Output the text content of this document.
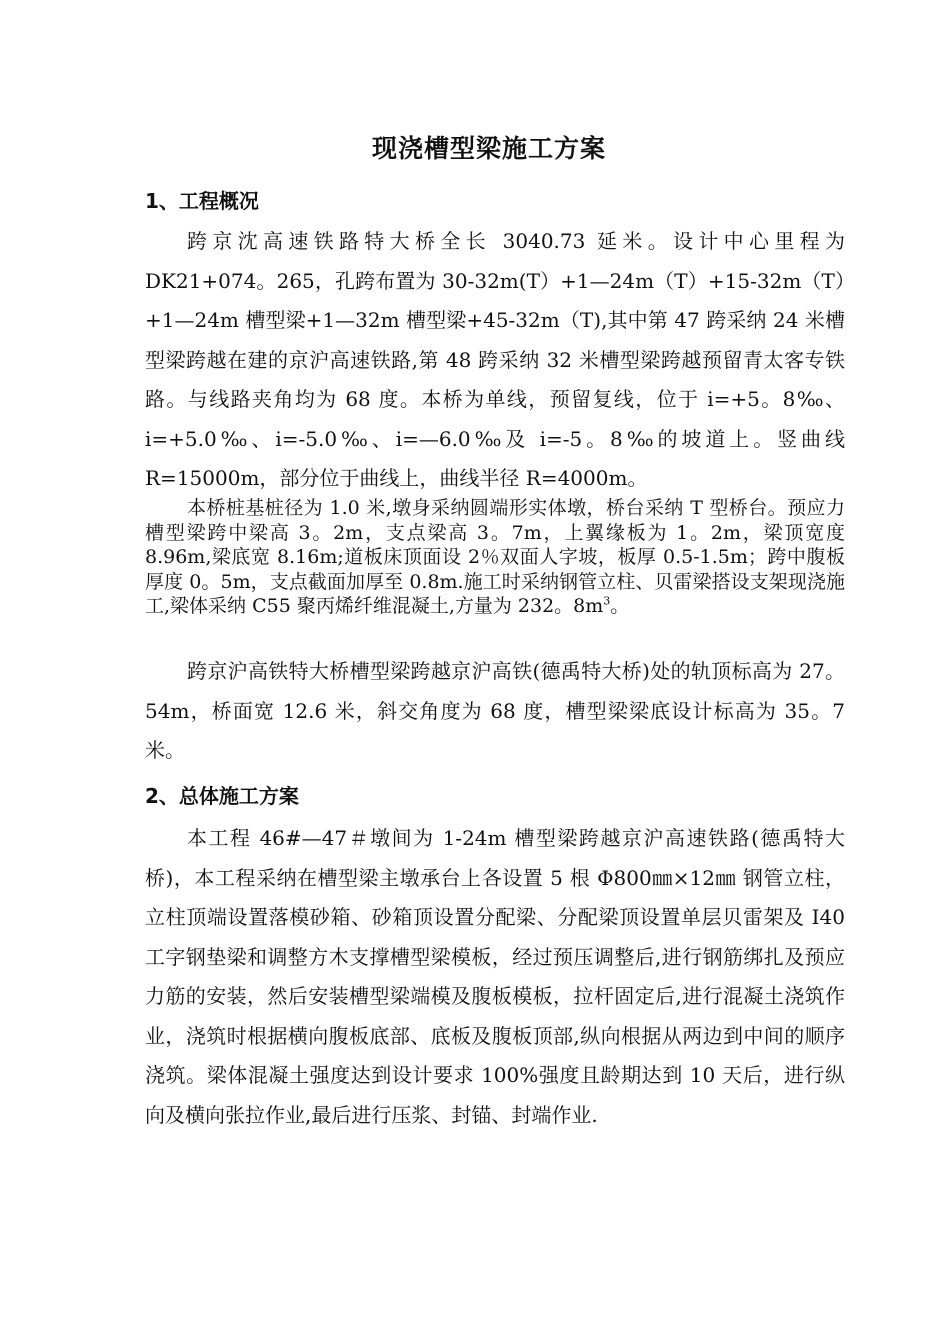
现浇槽型梁施工方案
1、工程概况

跨京沈高速铁路特大桥全长 3040.73 延米。设计中心里程为 DK21+074。265，孔跨布置为 30-32m(T）+1—24m（T）+15-32m（T）+1—24m 槽型梁+1—32m 槽型梁+45-32m（T),其中第 47 跨采纳 24 米槽型梁跨越在建的京沪高速铁路,第 48 跨采纳 32 米槽型梁跨越预留青太客专铁路。与线路夹角均为 68 度。本桥为单线，预留复线，位于 i=+5。8‰、i=+5.0‰、i=-5.0‰、i=—6.0‰及 i=-5。8‰的坡道上。竖曲线 R=15000m，部分位于曲线上，曲线半径 R=4000m。

本桥桩基桩径为 1.0 米,墩身采纳圆端形实体墩，桥台采纳 T 型桥台。预应力槽型梁跨中梁高 3。2m，支点梁高 3。7m，上翼缘板为 1。2m，梁顶宽度 8.96m,梁底宽 8.16m;道板床顶面设 2％双面人字坡，板厚 0.5-1.5m；跨中腹板厚度 0。5m，支点截面加厚至 0.8m.施工时采纳钢管立柱、贝雷梁搭设支架现浇施工,梁体采纳 C55 聚丙烯纤维混凝土,方量为 232。$8m^3$。

跨京沪高铁特大桥槽型梁跨越京沪高铁(德禹特大桥)处的轨顶标高为 27。54m，桥面宽 12.6 米，斜交角度为 68 度，槽型梁梁底设计标高为 35。7 米。

2、总体施工方案

本工程 46#—47＃墩间为 1-24m 槽型梁跨越京沪高速铁路(德禹特大桥)，本工程采纳在槽型梁主墩承台上各设置 5 根 Φ800㎜×12㎜ 钢管立柱，立柱顶端设置落模砂箱、砂箱顶设置分配梁、分配梁顶设置单层贝雷架及 I40 工字钢垫梁和调整方木支撑槽型梁模板，经过预压调整后,进行钢筋绑扎及预应力筋的安装，然后安装槽型梁端模及腹板模板，拉杆固定后,进行混凝土浇筑作业，浇筑时根据横向腹板底部、底板及腹板顶部,纵向根据从两边到中间的顺序浇筑。梁体混凝土强度达到设计要求 100%强度且龄期达到 10 天后，进行纵向及横向张拉作业,最后进行压浆、封锚、封端作业.
